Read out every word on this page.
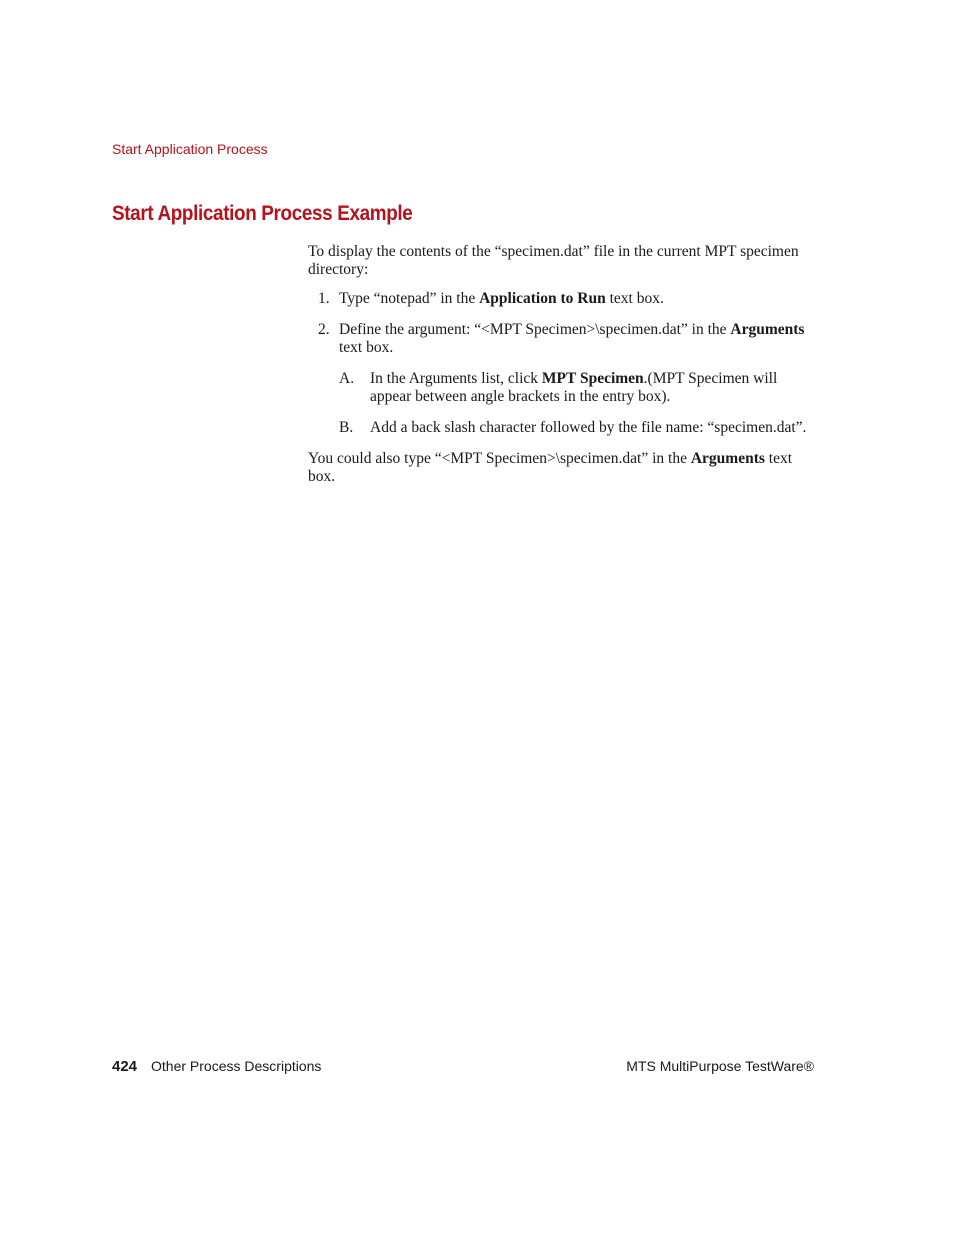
Start Application Process
Start Application Process Example

To display the contents of the “specimen.dat” file in the current MPT specimen directory:

1. Type “notepad” in the Application to Run text box.

2. Define the argument: “<MPT Specimen>\specimen.dat” in the Arguments text box.

A. In the Arguments list, click MPT Specimen.(MPT Specimen will appear between angle brackets in the entry box).

B. Add a back slash character followed by the file name: “specimen.dat”.

You could also type “<MPT Specimen>\specimen.dat” in the Arguments text box.

424 Other Process Descriptions	MTS MultiPurpose TestWare®
